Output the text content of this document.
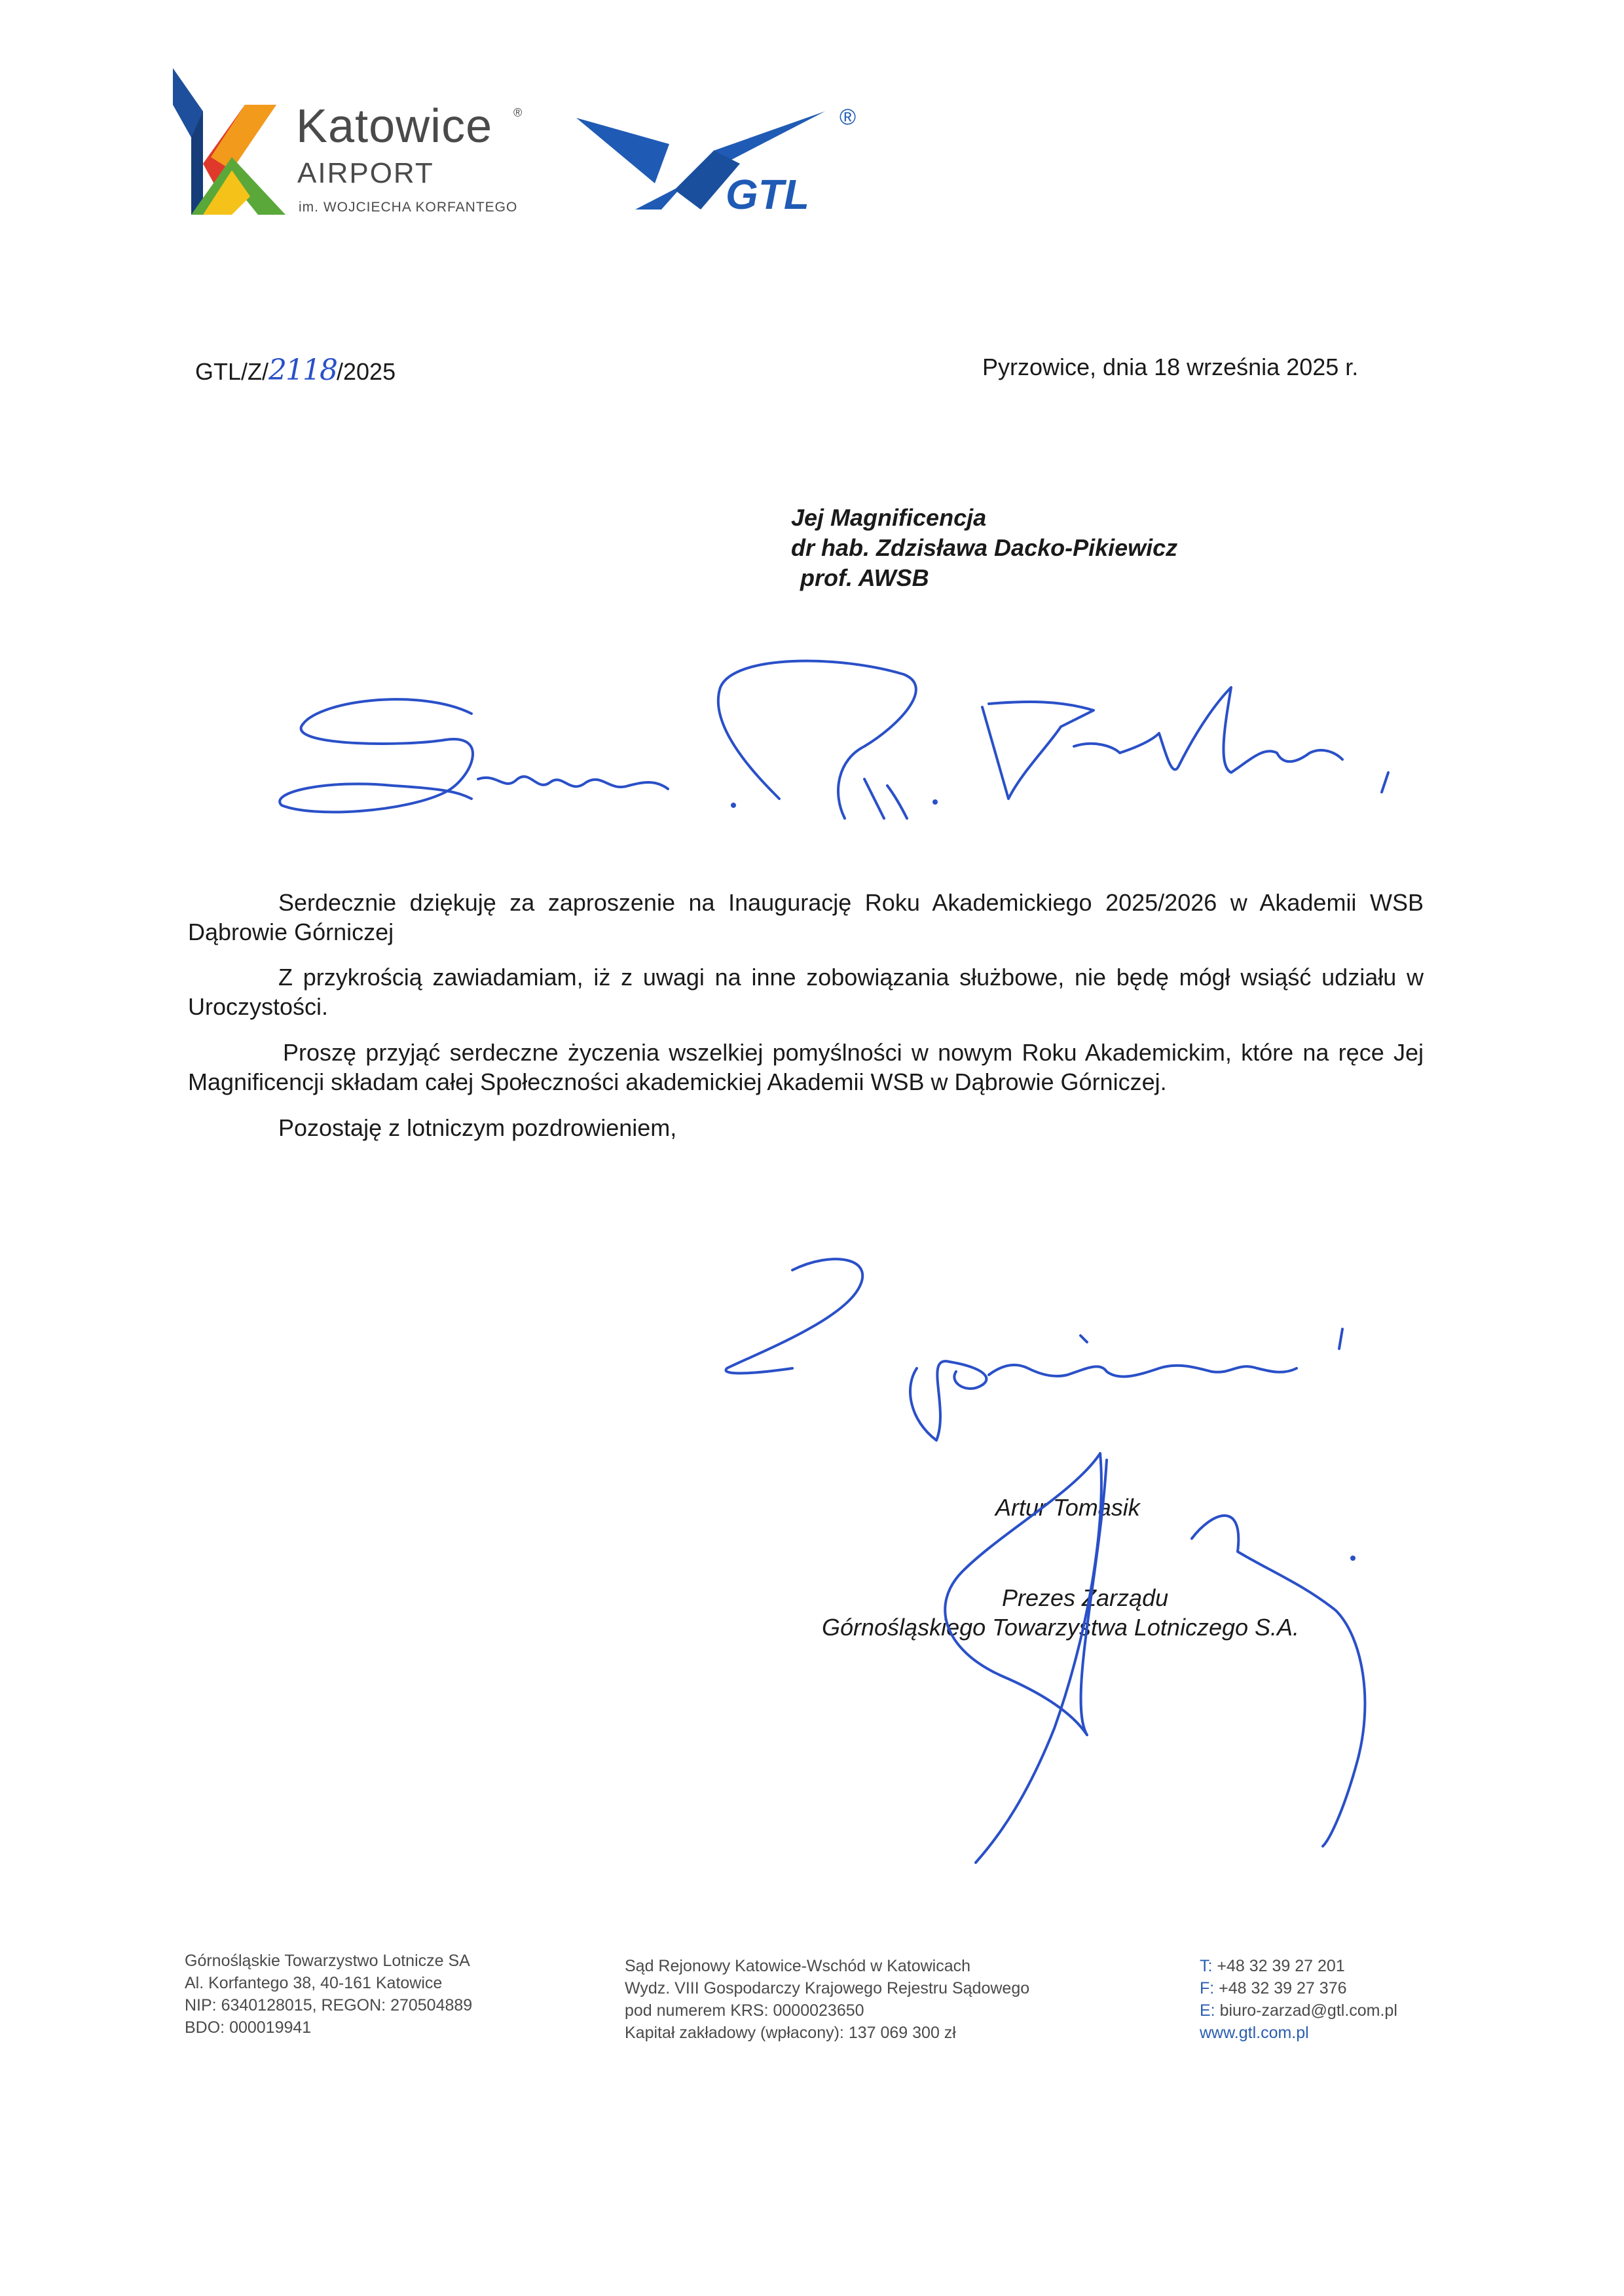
Katowice ®
AIRPORT
im. WOJCIECHA KORFANTEGO	GTL
®
GTL/Z/2118/2025	Pyrzowice, dnia 18 września 2025 r.
Jej Magnificencja
dr hab. Zdzisława Dacko-Pikiewicz
prof. AWSB
Serdecznie dziękuję za zaproszenie na Inaugurację Roku Akademickiego 2025/2026 w Akademii WSB Dąbrowie Górniczej
Z przykrością zawiadamiam, iż z uwagi na inne zobowiązania służbowe, nie będę mógł wsiąść udziału w Uroczystości.
Proszę przyjąć serdeczne życzenia wszelkiej pomyślności w nowym Roku Akademickim, które na ręce Jej Magnificencji składam całej Społeczności akademickiej Akademii WSB w Dąbrowie Górniczej.
Pozostaję z lotniczym pozdrowieniem,
Artur Tomasik
Prezes Zarządu
Górnośląskiego Towarzystwa Lotniczego S.A.
Górnośląskie Towarzystwo Lotnicze SA
Al. Korfantego 38, 40-161 Katowice
NIP: 6340128015, REGON: 270504889
BDO: 000019941
Sąd Rejonowy Katowice-Wschód w Katowicach
Wydz. VIII Gospodarczy Krajowego Rejestru Sądowego
pod numerem KRS: 0000023650
Kapitał zakładowy (wpłacony): 137 069 300 zł
T: +48 32 39 27 201
F: +48 32 39 27 376
E: biuro-zarzad@gtl.com.pl
www.gtl.com.pl
